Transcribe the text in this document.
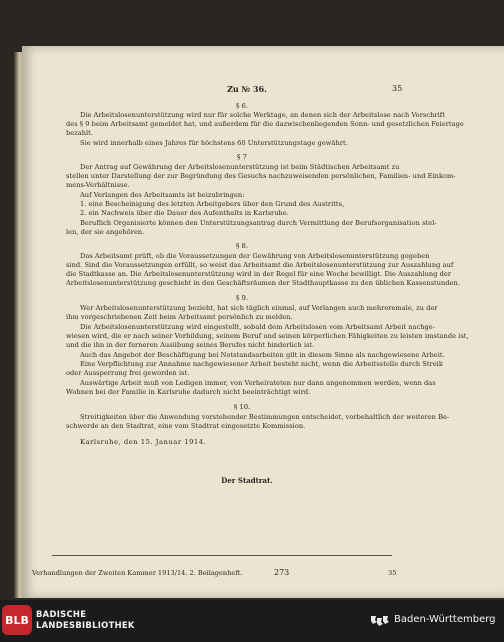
Zu № 36.	35
§ 6.
Die Arbeitslosenunterstützung wird nur für solche Werktage, an denen sich der Arbeitslose nach Vorschrift
des § 9 beim Arbeitsamt gemeldet hat, und außerdem für die dazwischenliegenden Sonn- und gesetzlichen Feiertage
bezahlt.
Sie wird innerhalb eines Jahres für höchstens 60 Unterstützungstage gewährt.
§ 7
Der Antrag auf Gewährung der Arbeitslosenunterstützung ist beim Städtischen Arbeitsamt zu
stellen unter Darstellung der zur Begründung des Gesuchs nachzuweisenden persönlichen, Familien- und Einkom-
mens-Verhältnisse.
Auf Verlangen des Arbeitsamts ist beizubringen:
1. eine Bescheinigung des letzten Arbeitgebers über den Grund des Austritts,
2. ein Nachweis über die Dauer des Aufenthalts in Karlsruhe.
Beruflich Organisierte können den Unterstützungsantrag durch Vermittlung der Berufsorganisation stel-
len, der sie angehören.
§ 8.
Das Arbeitsamt prüft, ob die Voraussetzungen der Gewährung von Arbeitslosenunterstützung gegeben
sind. Sind die Voraussetzungen erfüllt, so weist das Arbeitsamt die Arbeitslosenunterstützung zur Auszahlung auf
die Stadtkasse an. Die Arbeitslosenunterstützung wird in der Regel für eine Woche bewilligt. Die Auszahlung der
Arbeitslosenunterstützung geschieht in den Geschäftsräumen der Stadthauptkasse zu den üblichen Kassenstunden.
§ 9.
Wer Arbeitslosenunterstützung bezieht, hat sich täglich einmal, auf Verlangen auch mehreremale, zu der
ihm vorgeschriebenen Zeit beim Arbeitsamt persönlich zu melden.
Die Arbeitslosenunterstützung wird eingestellt, sobald dem Arbeitslosen vom Arbeitsamt Arbeit nachge-
wiesen wird, die er nach seiner Vorbildung, seinem Beruf und seinen körperlichen Fähigkeiten zu leisten imstande ist,
und die ihn in der ferneren Ausübung seines Berufes nicht hinderlich ist.
Auch das Angebot der Beschäftigung bei Notstandsarbeiten gilt in diesem Sinne als nachgewiesene Arbeit.
Eine Verpflichtung zur Annahme nachgewiesener Arbeit besteht nicht, wenn die Arbeitsstelle durch Streik
oder Aussperrung frei geworden ist.
Auswärtige Arbeit muß von Ledigen immer, von Verheirateten nur dann angenommen werden, wenn das
Wohnen bei der Familie in Karlsruhe dadurch nicht beeinträchtigt wird.
§ 10.
Streitigkeiten über die Anwendung vorstehender Bestimmungen entscheidet, vorbehaltlich der weiteren Be-
schwerde an den Stadtrat, eine vom Stadtrat eingesetzte Kommission.
Karlsruhe, den 15. Januar 1914.
Der Stadtrat.
Verhandlungen der Zweiten Kammer 1913/14. 2. Beilagenheft.	273	35
BLB BADISCHE
LANDESBIBLIOTHEK	Baden-Württemberg
